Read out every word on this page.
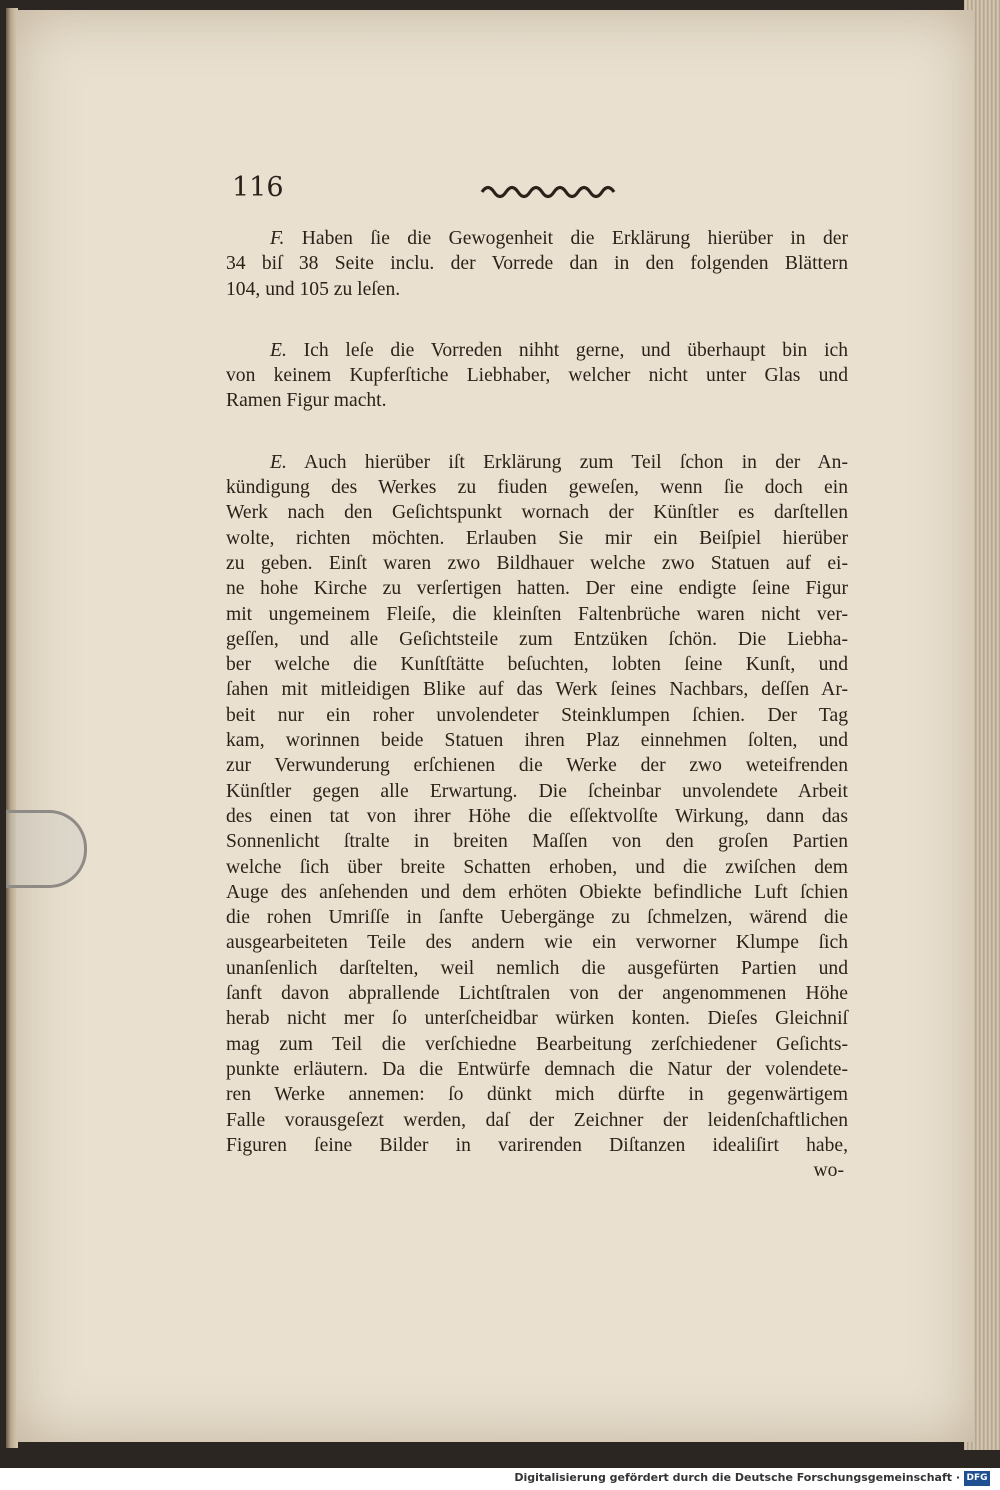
116

F. Haben ſie die Gewogenheit die Erklärung hierüber in der
34 biſ 38 Seite inclu. der Vorrede dan in den folgenden Blättern
104, und 105 zu leſen.

E. Ich leſe die Vorreden nihht gerne, und überhaupt bin ich
von keinem Kupferſtiche Liebhaber, welcher nicht unter Glas und
Ramen Figur macht.

E. Auch hierüber iſt Erklärung zum Teil ſchon in der An-
kündigung des Werkes zu fiuden geweſen, wenn ſie doch ein
Werk nach den Geſichtspunkt wornach der Künſtler es darſtellen
wolte, richten möchten. Erlauben Sie mir ein Beiſpiel hierüber
zu geben. Einſt waren zwo Bildhauer welche zwo Statuen auf ei-
ne hohe Kirche zu verſertigen hatten. Der eine endigte ſeine Figur
mit ungemeinem Fleiſe, die kleinſten Faltenbrüche waren nicht ver-
geſſen, und alle Geſichtsteile zum Entzüken ſchön. Die Liebha-
ber welche die Kunſtſtätte beſuchten, lobten ſeine Kunſt, und
ſahen mit mitleidigen Blike auf das Werk ſeines Nachbars, deſſen Ar-
beit nur ein roher unvolendeter Steinklumpen ſchien. Der Tag
kam, worinnen beide Statuen ihren Plaz einnehmen ſolten, und
zur Verwunderung erſchienen die Werke der zwo weteifrenden
Künſtler gegen alle Erwartung. Die ſcheinbar unvolendete Arbeit
des einen tat von ihrer Höhe die eſſektvolſte Wirkung, dann das
Sonnenlicht ſtralte in breiten Maſſen von den groſen Partien
welche ſich über breite Schatten erhoben, und die zwiſchen dem
Auge des anſehenden und dem erhöten Obiekte befindliche Luft ſchien
die rohen Umriſſe in ſanfte Uebergänge zu ſchmelzen, wärend die
ausgearbeiteten Teile des andern wie ein verworner Klumpe ſich
unanſenlich darſtelten, weil nemlich die ausgefürten Partien und
ſanft davon abprallende Lichtſtralen von der angenommenen Höhe
herab nicht mer ſo unterſcheidbar würken konten. Dieſes Gleichniſ
mag zum Teil die verſchiedne Bearbeitung zerſchiedener Geſichts-
punkte erläutern. Da die Entwürfe demnach die Natur der volendete-
ren Werke annemen: ſo dünkt mich dürfte in gegenwärtigem
Falle vorausgeſezt werden, daſ der Zeichner der leidenſchaftlichen
Figuren ſeine Bilder in varirenden Diſtanzen idealiſirt habe,
wo-

Digitalisierung gefördert durch die Deutsche Forschungsgemeinschaft · DFG
